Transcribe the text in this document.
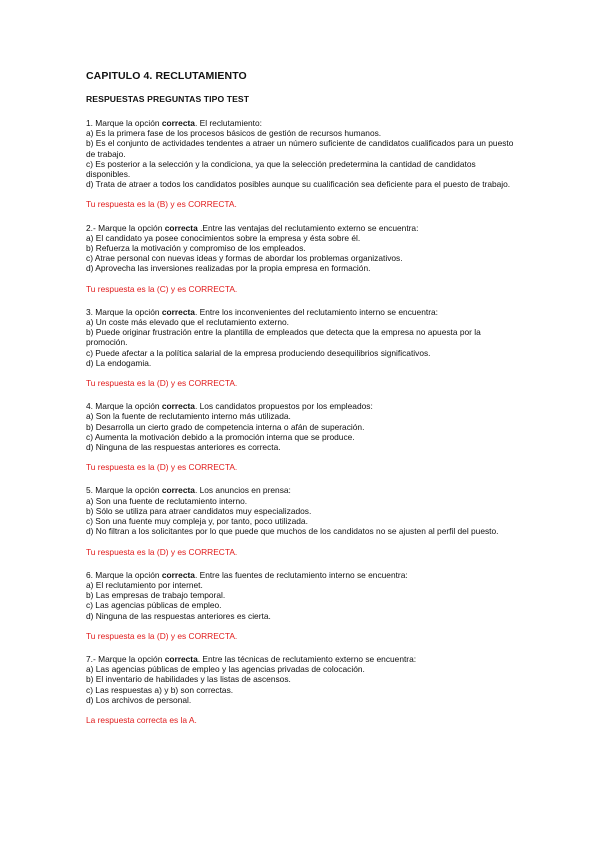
CAPITULO 4. RECLUTAMIENTO
RESPUESTAS PREGUNTAS TIPO TEST

1. Marque la opción correcta. El reclutamiento:

a) Es la primera fase de los procesos básicos de gestión de recursos humanos.

b) Es el conjunto de actividades tendentes a atraer un número suficiente de candidatos cualificados para un puesto de trabajo.

c) Es posterior a la selección y la condiciona, ya que la selección predetermina la cantidad de candidatos disponibles.

d) Trata de atraer a todos los candidatos posibles aunque su cualificación sea deficiente para el puesto de trabajo.

Tu respuesta es la (B) y es CORRECTA.

2.- Marque la opción correcta .Entre las ventajas del reclutamiento externo se encuentra:

a) El candidato ya posee conocimientos sobre la empresa y ésta sobre él.

b) Refuerza la motivación y compromiso de los empleados.

c) Atrae personal con nuevas ideas y formas de abordar los problemas organizativos.

d) Aprovecha las inversiones realizadas por la propia empresa en formación.

Tu respuesta es la (C) y es CORRECTA.

3. Marque la opción correcta. Entre los inconvenientes del reclutamiento interno se encuentra:

a) Un coste más elevado que el reclutamiento externo.

b) Puede originar frustración entre la plantilla de empleados que detecta que la empresa no apuesta por la promoción.

c) Puede afectar a la política salarial de la empresa produciendo desequilibrios significativos.

d) La endogamia.

Tu respuesta es la (D) y es CORRECTA.

4. Marque la opción correcta. Los candidatos propuestos por los empleados:

a) Son la fuente de reclutamiento interno más utilizada.

b) Desarrolla un cierto grado de competencia interna o afán de superación.

c) Aumenta la motivación debido a la promoción interna que se produce.

d) Ninguna de las respuestas anteriores es correcta.

Tu respuesta es la (D) y es CORRECTA.

5. Marque la opción correcta. Los anuncios en prensa:

a) Son una fuente de reclutamiento interno.

b) Sólo se utiliza para atraer candidatos muy especializados.

c) Son una fuente muy compleja y, por tanto, poco utilizada.

d) No filtran a los solicitantes por lo que puede que muchos de los candidatos no se ajusten al perfil del puesto.

Tu respuesta es la (D) y es CORRECTA.

6. Marque la opción correcta. Entre las fuentes de reclutamiento interno se encuentra:

a) El reclutamiento por internet.

b) Las empresas de trabajo temporal.

c) Las agencias públicas de empleo.

d) Ninguna de las respuestas anteriores es cierta.

Tu respuesta es la (D) y es CORRECTA.

7.- Marque la opción correcta. Entre las técnicas de reclutamiento externo se encuentra:

a) Las agencias públicas de empleo y las agencias privadas de colocación.

b) El inventario de habilidades y las listas de ascensos.

c) Las respuestas a) y b) son correctas.

d) Los archivos de personal.

La respuesta correcta es la A.
